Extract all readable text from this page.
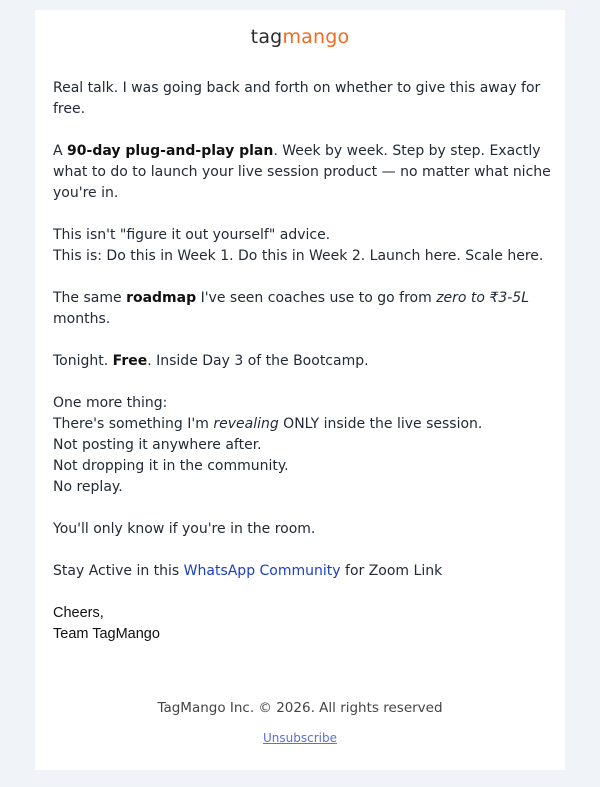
tagmango

Real talk. I was going back and forth on whether to give this away for free.

A 90-day plug-and-play plan. Week by week. Step by step. Exactly what to do to launch your live session product — no matter what niche you're in.

This isn't "figure it out yourself" advice.
This is: Do this in Week 1. Do this in Week 2. Launch here. Scale here.

The same roadmap I've seen coaches use to go from zero to ₹3-5L months.

Tonight. Free. Inside Day 3 of the Bootcamp.

One more thing:
There's something I'm revealing ONLY inside the live session.
Not posting it anywhere after.
Not dropping it in the community.
No replay.

You'll only know if you're in the room.

Stay Active in this WhatsApp Community for Zoom Link

Cheers,
Team TagMango
TagMango Inc. © 2026. All rights reserved
Unsubscribe
